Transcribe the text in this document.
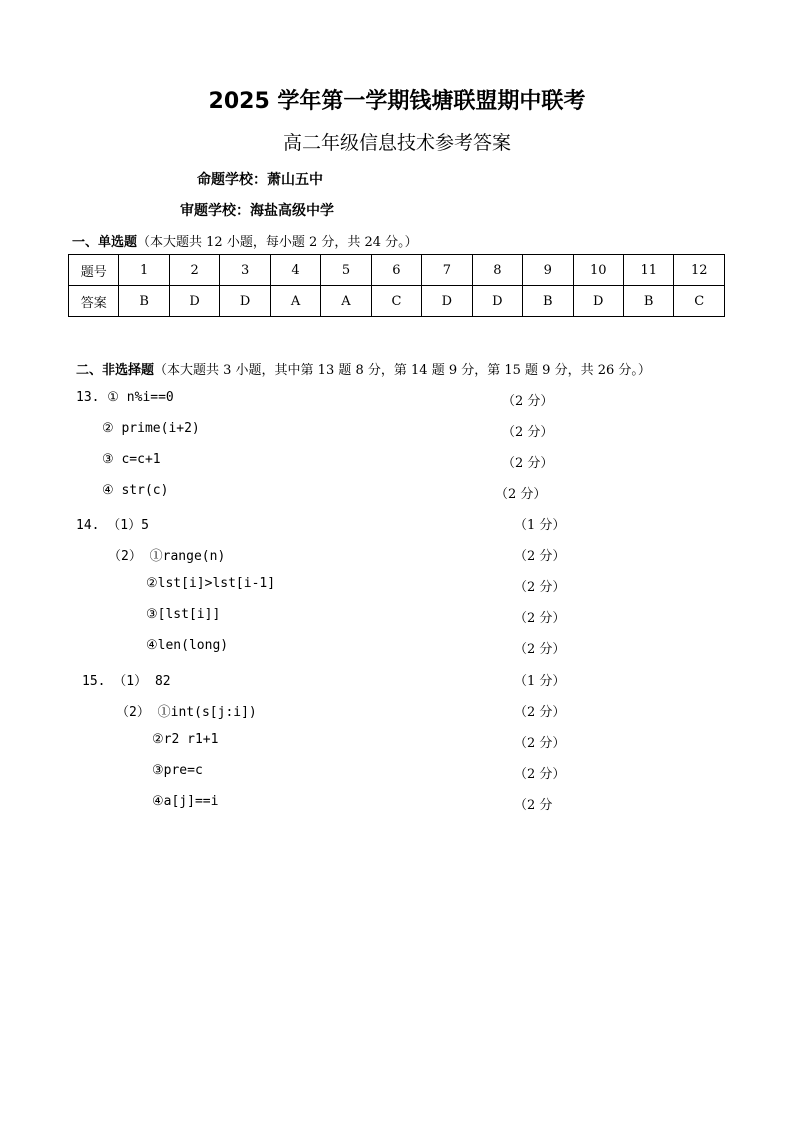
2025 学年第一学期钱塘联盟期中联考
高二年级信息技术参考答案
命题学校：萧山五中
审题学校：海盐高级中学
一、单选题（本大题共 12 小题，每小题 2 分，共 24 分。）
题号	1	2	3	4	5	6	7	8	9	10	11	12
答案	B	D	D	A	A	C	D	D	B	D	B	C
二、非选择题（本大题共 3 小题，其中第 13 题 8 分，第 14 题 9 分，第 15 题 9 分，共 26 分。）
13. ① n%i==0	（2 分）
② prime(i+2)	（2 分）
③ c=c+1	（2 分）
④ str(c)	（2 分）
14. （1）5	（1 分）
（2） ①range(n)	（2 分）
②lst[i]>lst[i-1]	（2 分）
③[lst[i]]	（2 分）
④len(long)	（2 分）
15. （1） 82	（1 分）
（2） ①int(s[j:i])	（2 分）
②r2 r1+1	（2 分）
③pre=c	（2 分）
④a[j]==i	（2 分
